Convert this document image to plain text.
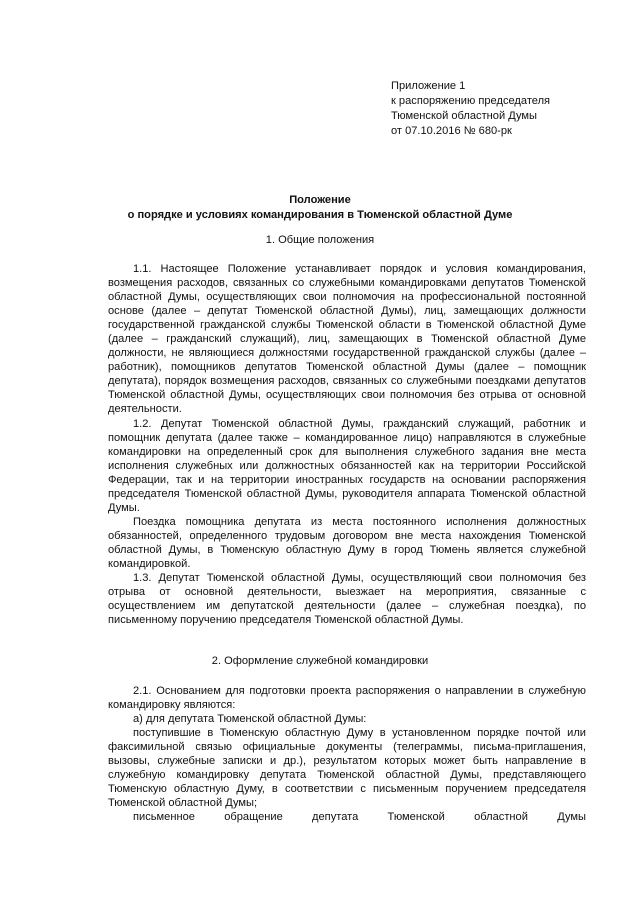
Приложение 1
к распоряжению председателя
Тюменской областной Думы
от 07.10.2016 № 680-рк
Положение
о порядке и условиях командирования в Тюменской областной Думе
1. Общие положения

1.1. Настоящее Положение устанавливает порядок и условия командирования, возмещения расходов, связанных со служебными командировками депутатов Тюменской областной Думы, осуществляющих свои полномочия на профессиональной постоянной основе (далее – депутат Тюменской областной Думы), лиц, замещающих должности государственной гражданской службы Тюменской области в Тюменской областной Думе (далее – гражданский служащий), лиц, замещающих в Тюменской областной Думе должности, не являющиеся должностями государственной гражданской службы (далее – работник), помощников депутатов Тюменской областной Думы (далее – помощник депутата), порядок возмещения расходов, связанных со служебными поездками депутатов Тюменской областной Думы, осуществляющих свои полномочия без отрыва от основной деятельности.

1.2. Депутат Тюменской областной Думы, гражданский служащий, работник и помощник депутата (далее также – командированное лицо) направляются в служебные командировки на определенный срок для выполнения служебного задания вне места исполнения служебных или должностных обязанностей как на территории Российской Федерации, так и на территории иностранных государств на основании распоряжения председателя Тюменской областной Думы, руководителя аппарата Тюменской областной Думы.

Поездка помощника депутата из места постоянного исполнения должностных обязанностей, определенного трудовым договором вне места нахождения Тюменской областной Думы, в Тюменскую областную Думу в город Тюмень является служебной командировкой.

1.3. Депутат Тюменской областной Думы, осуществляющий свои полномочия без отрыва от основной деятельности, выезжает на мероприятия, связанные с осуществлением им депутатской деятельности (далее – служебная поездка), по письменному поручению председателя Тюменской областной Думы.

2. Оформление служебной командировки

2.1. Основанием для подготовки проекта распоряжения о направлении в служебную командировку являются:

а) для депутата Тюменской областной Думы:

поступившие в Тюменскую областную Думу в установленном порядке почтой или факсимильной связью официальные документы (телеграммы, письма-приглашения, вызовы, служебные записки и др.), результатом которых может быть направление в служебную командировку депутата Тюменской областной Думы, представляющего Тюменскую областную Думу, в соответствии с письменным поручением председателя Тюменской областной Думы;

письменное обращение депутата Тюменской областной Думы
